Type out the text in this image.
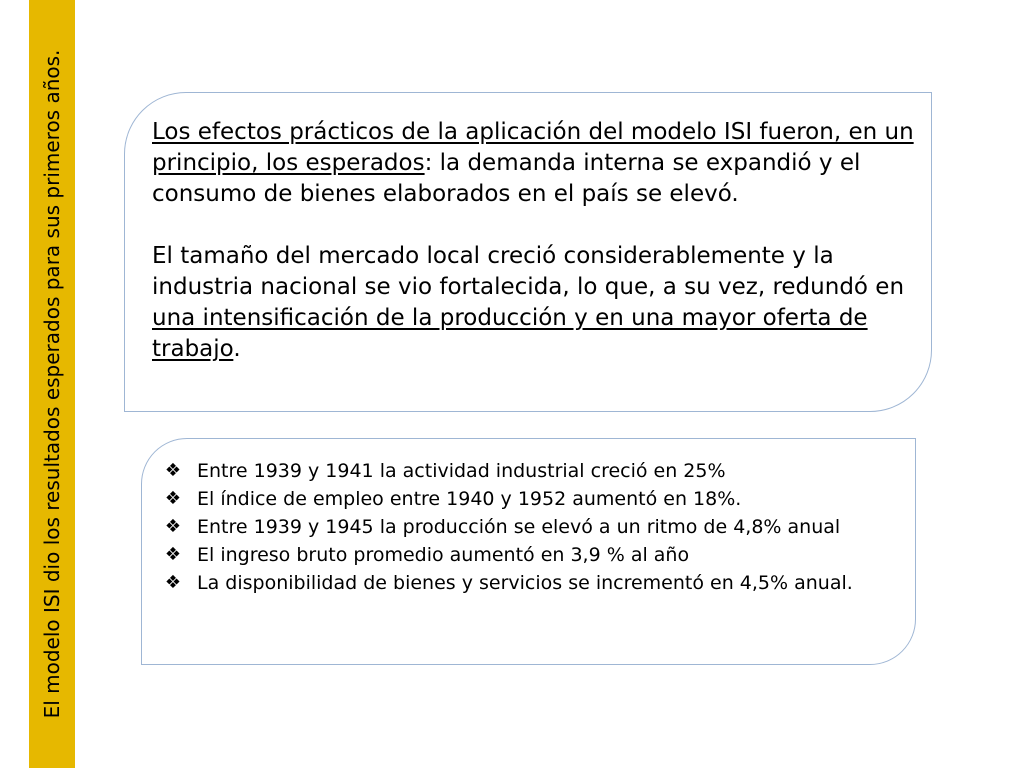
El modelo ISI dio los resultados esperados para sus primeros años.	Los efectos prácticos de la aplicación del modelo ISI fueron, en un principio, los esperados: la demanda interna se expandió y el consumo de bienes elaborados en el país se elevó.

El tamaño del mercado local creció considerablemente y la industria nacional se vio fortalecida, lo que, a su vez, redundó en una intensificación de la producción y en una mayor oferta de trabajo.

❖ Entre 1939 y 1941 la actividad industrial creció en 25%
❖ El índice de empleo entre 1940 y 1952 aumentó en 18%.
❖ Entre 1939 y 1945 la producción se elevó a un ritmo de 4,8% anual
❖ El ingreso bruto promedio aumentó en 3,9 % al año
❖ La disponibilidad de bienes y servicios se incrementó en 4,5% anual.
